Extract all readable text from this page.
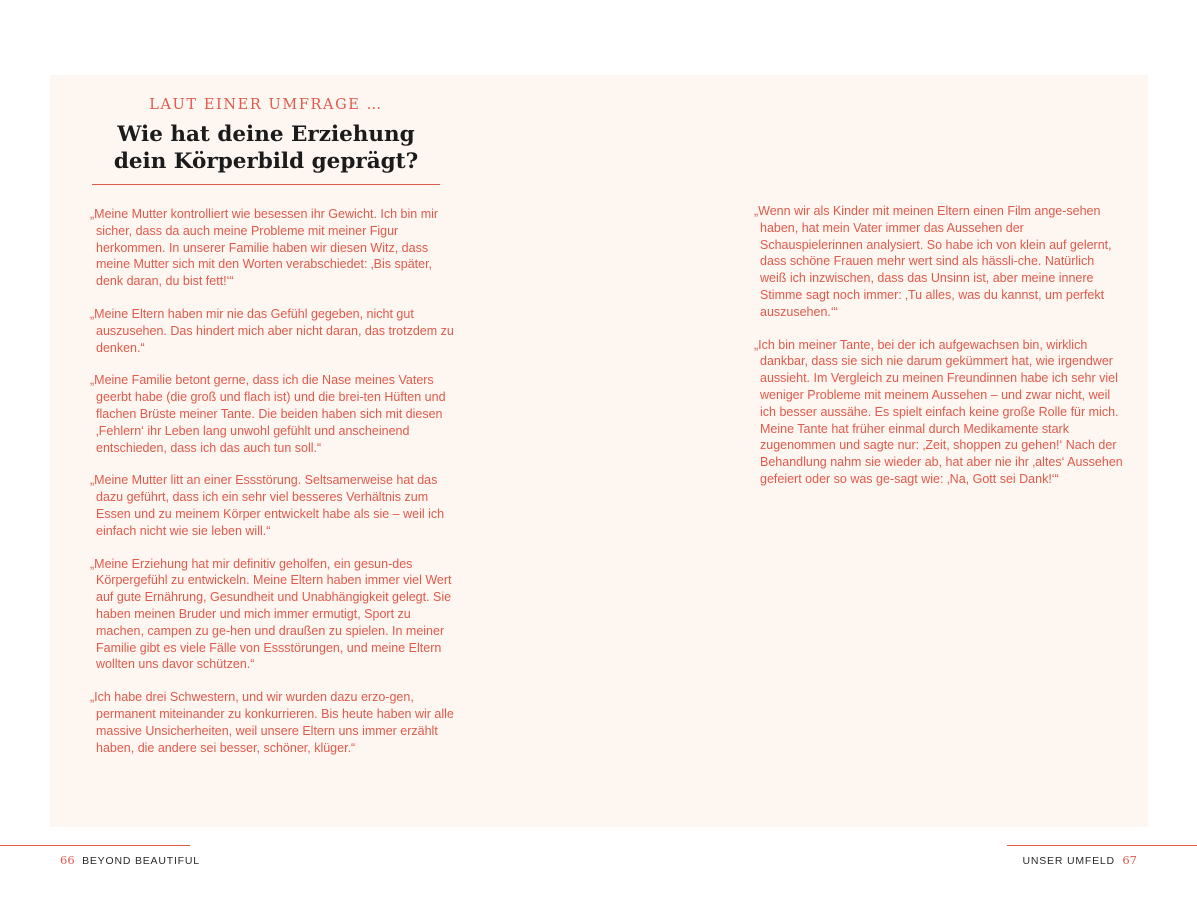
LAUT EINER UMFRAGE …
Wie hat deine Erziehung
dein Körperbild geprägt?

„Meine Mutter kontrolliert wie besessen ihr Gewicht. Ich bin mir sicher, dass da auch meine Probleme mit meiner Figur herkommen. In unserer Familie haben wir diesen Witz, dass meine Mutter sich mit den Worten verabschiedet: ‚Bis später, denk daran, du bist fett!‘“

„Meine Eltern haben mir nie das Gefühl gegeben, nicht gut auszusehen. Das hindert mich aber nicht daran, das trotzdem zu denken.“

„Meine Familie betont gerne, dass ich die Nase meines Vaters geerbt habe (die groß und flach ist) und die brei-ten Hüften und flachen Brüste meiner Tante. Die beiden haben sich mit diesen ‚Fehlern‘ ihr Leben lang unwohl gefühlt und anscheinend entschieden, dass ich das auch tun soll.“

„Meine Mutter litt an einer Essstörung. Seltsamerweise hat das dazu geführt, dass ich ein sehr viel besseres Verhältnis zum Essen und zu meinem Körper entwickelt habe als sie – weil ich einfach nicht wie sie leben will.“

„Meine Erziehung hat mir definitiv geholfen, ein gesun-des Körpergefühl zu entwickeln. Meine Eltern haben immer viel Wert auf gute Ernährung, Gesundheit und Unabhängigkeit gelegt. Sie haben meinen Bruder und mich immer ermutigt, Sport zu machen, campen zu ge-hen und draußen zu spielen. In meiner Familie gibt es viele Fälle von Essstörungen, und meine Eltern wollten uns davor schützen.“

„Ich habe drei Schwestern, und wir wurden dazu erzo-gen, permanent miteinander zu konkurrieren. Bis heute haben wir alle massive Unsicherheiten, weil unsere Eltern uns immer erzählt haben, die andere sei besser, schöner, klüger.“

„Wenn wir als Kinder mit meinen Eltern einen Film ange-sehen haben, hat mein Vater immer das Aussehen der Schauspielerinnen analysiert. So habe ich von klein auf gelernt, dass schöne Frauen mehr wert sind als hässli-che. Natürlich weiß ich inzwischen, dass das Unsinn ist, aber meine innere Stimme sagt noch immer: ‚Tu alles, was du kannst, um perfekt auszusehen.‘“

„Ich bin meiner Tante, bei der ich aufgewachsen bin, wirklich dankbar, dass sie sich nie darum gekümmert hat, wie irgendwer aussieht. Im Vergleich zu meinen Freundinnen habe ich sehr viel weniger Probleme mit meinem Aussehen – und zwar nicht, weil ich besser aussähe. Es spielt einfach keine große Rolle für mich. Meine Tante hat früher einmal durch Medikamente stark zugenommen und sagte nur: ‚Zeit, shoppen zu gehen!‘ Nach der Behandlung nahm sie wieder ab, hat aber nie ihr ‚altes‘ Aussehen gefeiert oder so was ge-sagt wie: ‚Na, Gott sei Dank!‘“

66 BEYOND BEAUTIFUL	UNSER UMFELD 67
